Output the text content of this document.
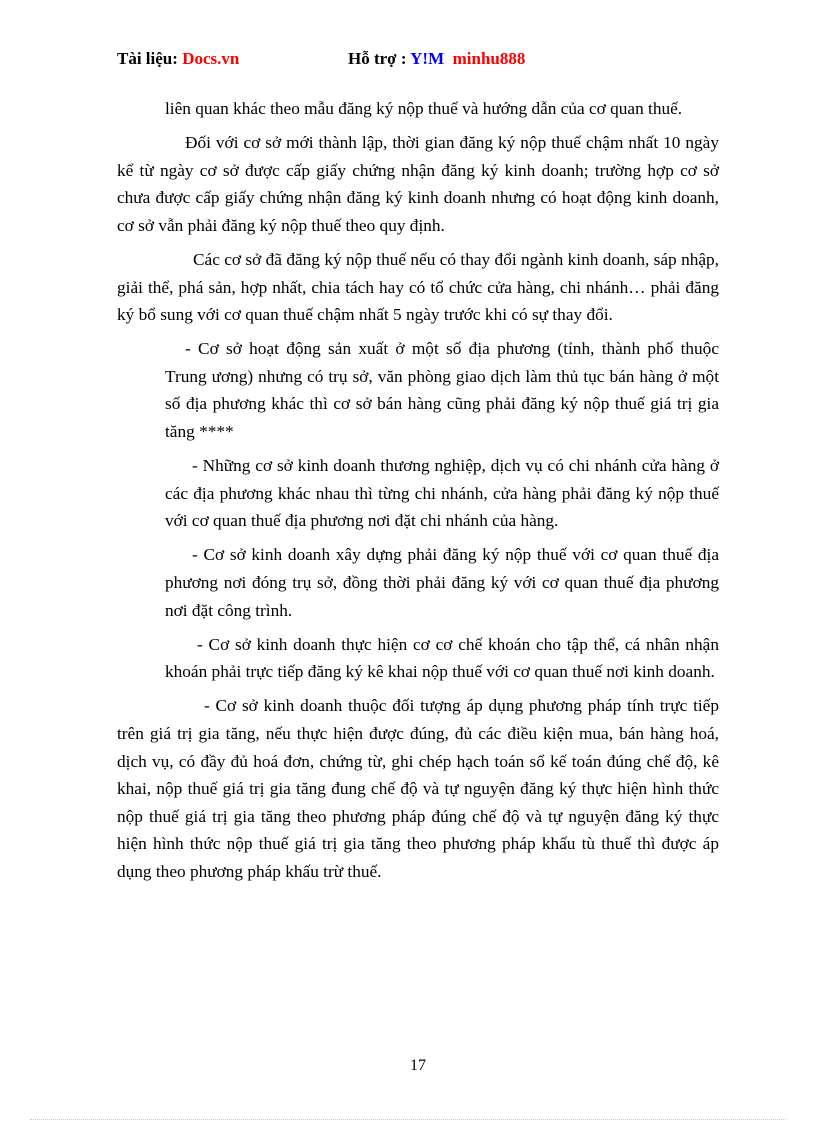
Tài liệu: Docs.vn	Hỗ trợ : Y!M minhu888

liên quan khác theo mẫu đăng ký nộp thuế và hướng dẫn của cơ quan thuế.

Đối với cơ sở mới thành lập, thời gian đăng ký nộp thuế chậm nhất 10 ngày kể từ ngày cơ sở được cấp giấy chứng nhận đăng ký kinh doanh; trường hợp cơ sở chưa được cấp giấy chứng nhận đăng ký kinh doanh nhưng có hoạt động kinh doanh, cơ sở vẫn phải đăng ký nộp thuế theo quy định.

Các cơ sở đã đăng ký nộp thuế nếu có thay đổi ngành kinh doanh, sáp nhập, giải thể, phá sản, hợp nhất, chia tách hay có tổ chức cửa hàng, chi nhánh… phải đăng ký bổ sung với cơ quan thuế chậm nhất 5 ngày trước khi có sự thay đổi.

- Cơ sở hoạt động sản xuất ở một số địa phương (tỉnh, thành phố thuộc Trung ương) nhưng có trụ sở, văn phòng giao dịch làm thủ tục bán hàng ở một số địa phương khác thì cơ sở bán hàng cũng phải đăng ký nộp thuế giá trị gia tăng ****

- Những cơ sở kinh doanh thương nghiệp, dịch vụ có chi nhánh cửa hàng ở các địa phương khác nhau thì từng chi nhánh, cửa hàng phải đăng ký nộp thuế với cơ quan thuế địa phương nơi đặt chi nhánh của hàng.

- Cơ sở kinh doanh xây dựng phải đăng ký nộp thuế với cơ quan thuế địa phương nơi đóng trụ sở, đồng thời phải đăng ký với cơ quan thuế địa phương nơi đặt công trình.

- Cơ sở kinh doanh thực hiện cơ cơ chế khoán cho tập thể, cá nhân nhận khoán phải trực tiếp đăng ký kê khai nộp thuế với cơ quan thuế nơi kinh doanh.

- Cơ sở kinh doanh thuộc đối tượng áp dụng phương pháp tính trực tiếp trên giá trị gia tăng, nếu thực hiện được đúng, đủ các điều kiện mua, bán hàng hoá, dịch vụ, có đầy đủ hoá đơn, chứng từ, ghi chép hạch toán sổ kế toán đúng chế độ, kê khai, nộp thuế giá trị gia tăng đung chế độ và tự nguyện đăng ký thực hiện hình thức nộp thuế giá trị gia tăng theo phương pháp đúng chế độ và tự nguyện đăng ký thực hiện hình thức nộp thuế giá trị gia tăng theo phương pháp khấu tù thuế thì được áp dụng theo phương pháp khấu trừ thuế.

17
